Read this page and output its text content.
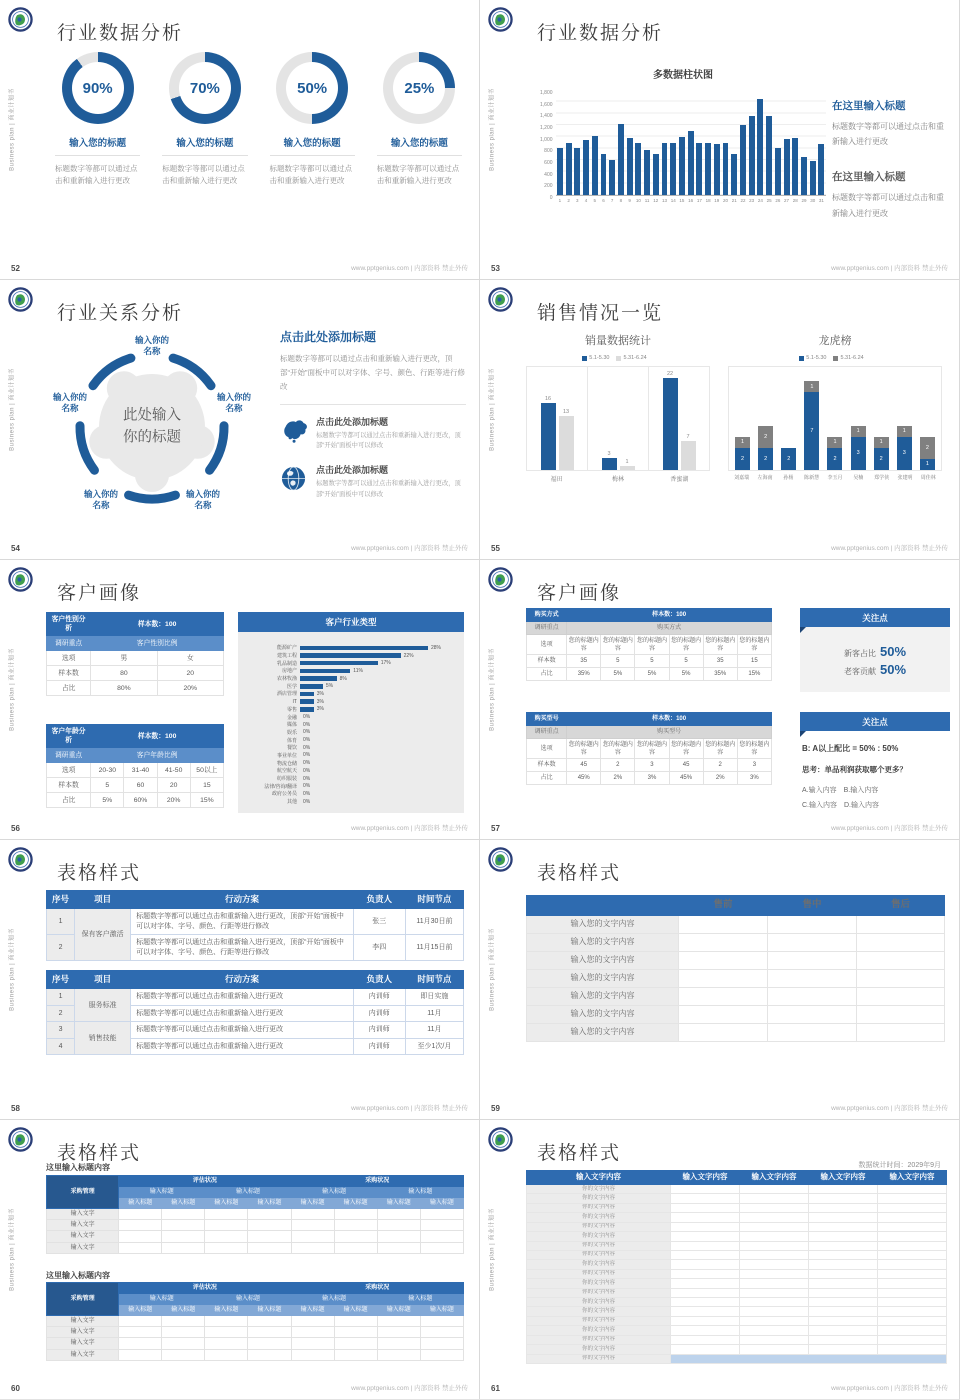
Business plan | 商业计划书
行业数据分析
90%
输入您的标题
标题数字等都可以通过点击和重新输入进行更改
70%
输入您的标题
标题数字等都可以通过点击和重新输入进行更改
50%
输入您的标题
标题数字等都可以通过点击和重新输入进行更改
25%
输入您的标题
标题数字等都可以通过点击和重新输入进行更改
52	www.pptgenius.com | 内部资料 禁止外传
Business plan | 商业计划书
行业数据分析
多数据柱状图
1,800
1,600
1,400
1,200
1,000
800
600
400
200
0	1	2	3	4	5	6	7	8	9	10 11 12 13 14 15 16 17 18 19 20 21 22 23 24 25 26 27 28 29 30 31
在这里输入标题
标题数字等都可以通过点击和重新输入进行更改
在这里输入标题
标题数字等都可以通过点击和重新输入进行更改
53	www.pptgenius.com | 内部资料 禁止外传
Business plan | 商业计划书
行业关系分析
此处输入你的标题
输入你的名称
输入你的名称
输入你的名称
输入你的名称
输入你的名称
点击此处添加标题
标题数字等都可以通过点击和重新输入进行更改，顶部“开始”面板中可以对字体、字号、颜色、行距等进行修改
点击此处添加标题

标题数字等都可以通过点击和重新输入进行更改，顶部“开始”面板中可以修改

点击此处添加标题

标题数字等都可以通过点击和重新输入进行更改，顶部“开始”面板中可以修改

54	www.pptgenius.com | 内部资料 禁止外传
Business plan | 商业计划书
销售情况一览
销量数据统计
5.1-5.30	5.31-6.24
16
13
3
1
22
7
福田	梅林	香蜜湖
龙虎榜
5.1-5.30	5.31-6.24
1
2
2
2	2
1
7
1
2
1
3
1
2
1
3
2
1
刘嘉瑞	左海南	孙杨	陈新慧	李玉月	吴楠	郑学侠	张建明	周佳林
55	www.pptgenius.com | 内部资料 禁止外传
Business plan | 商业计划书
客户画像
客户性别分析	样本数：100	
调研重点	客户性别比例	
选项	男	女
样本数	80	20
占比	80%	20%
客户年龄分析	样本数：100			
调研重点	客户年龄比例			
选项	20-30	31-40	41-50	50以上
样本数	5	60	20	15
占比	5%	60%	20%	15%
客户行业类型
能源矿产	28%
建筑工程	22%
乳品制造	17%
房地产	11%
农林牧渔	8%
医学	5%
酒店管理	3%
IT	3%
零售	3%
金融	0%
媒体	0%
娱乐	0%
体育	0%
餐饮	0%
事业单位	0%
物流仓储	0%
航空航天	0%
纺织服装	0%
法律/咨询/翻译	0%
政府公务员	0%
其他	0%
56	www.pptgenius.com | 内部资料 禁止外传
Business plan | 商业计划书
客户画像
购买方式	样本数：100					
调研重点	购买方式					
选项	您的标题内容	您的标题内容	您的标题内容	您的标题内容	您的标题内容	您的标题内容
样本数	35	5	5	5	35	15
占比	35%	5%	5%	5%	35%	15%
购买型号	样本数：100					
调研重点	购买型号					
选项	您的标题内容	您的标题内容	您的标题内容	您的标题内容	您的标题内容	您的标题内容
样本数	45	2	3	45	2	3
占比	45%	2%	3%	45%	2%	3%
关注点
新客占比 50%
老客贡献 50%
关注点
B: A以上配比 = 50% : 50%
思考：单品利润获取哪个更多？
A.输入内容　B.输入内容
C.输入内容　D.输入内容
57	www.pptgenius.com | 内部资料 禁止外传
Business plan | 商业计划书
表格样式
序号	项目	行动方案	负责人	时间节点
1	保有客户激活	标题数字等都可以通过点击和重新输入进行更改，顶部“开始”面板中可以对字体、字号、颜色、行距等进行修改	张三	11月30日前
2		标题数字等都可以通过点击和重新输入进行更改，顶部“开始”面板中可以对字体、字号、颜色、行距等进行修改	李四	11月15日前
序号	项目	行动方案	负责人	时间节点
1	服务标准	标题数字等都可以通过点击和重新输入进行更改	内训师	即日实施
2		标题数字等都可以通过点击和重新输入进行更改	内训师	11月
3	销售技能	标题数字等都可以通过点击和重新输入进行更改	内训师	11月
4		标题数字等都可以通过点击和重新输入进行更改	内训师	至少1次/月
58	www.pptgenius.com | 内部资料 禁止外传
Business plan | 商业计划书
表格样式
	售前	售中	售后
输入您的文字内容			
输入您的文字内容			
输入您的文字内容			
输入您的文字内容			
输入您的文字内容			
输入您的文字内容			
输入您的文字内容			
59	www.pptgenius.com | 内部资料 禁止外传
Business plan | 商业计划书
表格样式
这里输入标题内容
采购管理	评估状况				采购状况			
	输入标题		输入标题		输入标题		输入标题	
	输入标题	输入标题	输入标题	输入标题	输入标题	输入标题	输入标题	输入标题
输入文字								
输入文字								
输入文字								
输入文字								
这里输入标题内容
采购管理	评估状况				采购状况			
	输入标题		输入标题		输入标题		输入标题	
	输入标题	输入标题	输入标题	输入标题	输入标题	输入标题	输入标题	输入标题
输入文字								
输入文字								
输入文字								
输入文字								
60	www.pptgenius.com | 内部资料 禁止外传
Business plan | 商业计划书
表格样式
数据统计时间：2029年9月
输入文字内容	输入文字内容	输入文字内容	输入文字内容	输入文字内容
你的文字内容				
你的文字内容				
你的文字内容				
你的文字内容				
你的文字内容				
你的文字内容				
你的文字内容				
你的文字内容				
你的文字内容				
你的文字内容				
你的文字内容				
你的文字内容				
你的文字内容				
你的文字内容				
你的文字内容				
你的文字内容				
你的文字内容				
你的文字内容				
你的文字内容				
61	www.pptgenius.com | 内部资料 禁止外传
